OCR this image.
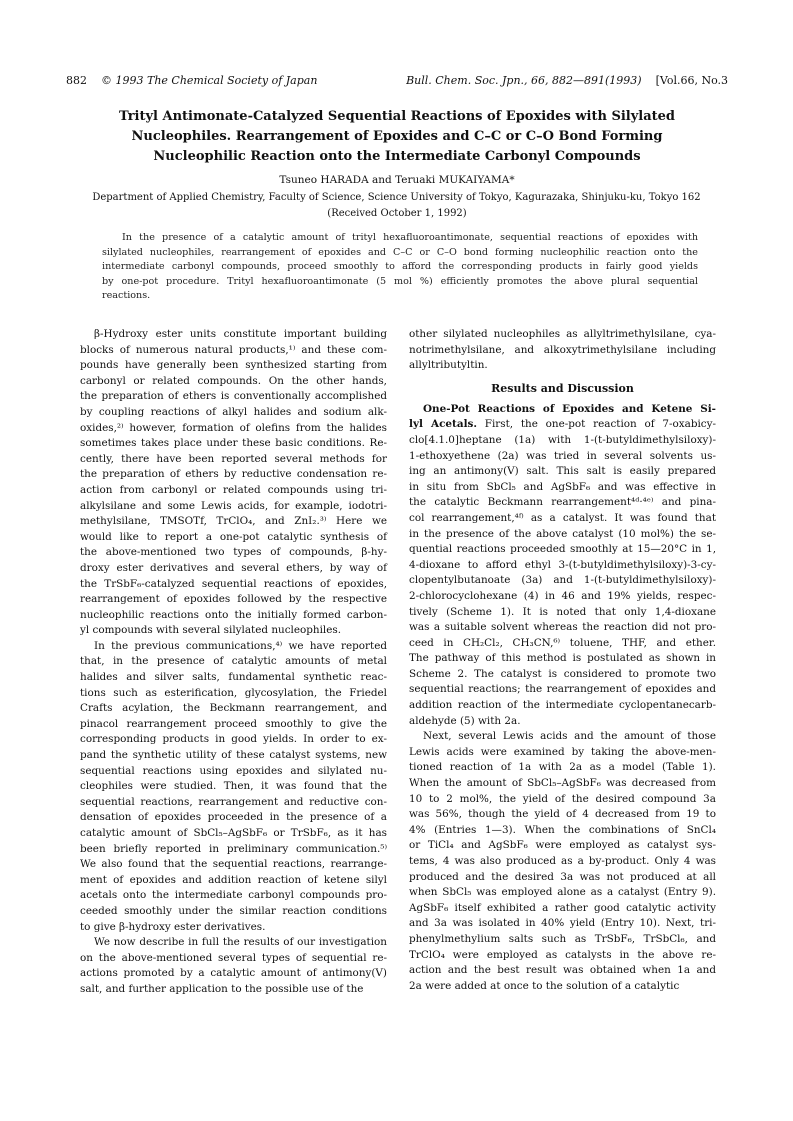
882 © 1993 The Chemical Society of Japan	Bull. Chem. Soc. Jpn., 66, 882—891(1993) [Vol.66, No.3
Trityl Antimonate-Catalyzed Sequential Reactions of Epoxides with Silylated
Nucleophiles. Rearrangement of Epoxides and C–C or C–O Bond Forming
Nucleophilic Reaction onto the Intermediate Carbonyl Compounds
Tsuneo HARADA and Teruaki MUKAIYAMA*
Department of Applied Chemistry, Faculty of Science, Science University of Tokyo, Kagurazaka, Shinjuku-ku, Tokyo 162
(Received October 1, 1992)
In the presence of a catalytic amount of trityl hexafluoroantimonate, sequential reactions of epoxides with
silylated nucleophiles, rearrangement of epoxides and C–C or C–O bond forming nucleophilic reaction onto the
intermediate carbonyl compounds, proceed smoothly to afford the corresponding products in fairly good yields
by one-pot procedure. Trityl hexafluoroantimonate (5 mol %) efficiently promotes the above plural sequential
reactions.
β-Hydroxy ester units constitute important building
blocks of numerous natural products,¹⁾ and these com-
pounds have generally been synthesized starting from
carbonyl or related compounds. On the other hands,
the preparation of ethers is conventionally accomplished
by coupling reactions of alkyl halides and sodium alk-
oxides,²⁾ however, formation of olefins from the halides
sometimes takes place under these basic conditions. Re-
cently, there have been reported several methods for
the preparation of ethers by reductive condensation re-
action from carbonyl or related compounds using tri-
alkylsilane and some Lewis acids, for example, iodotri-
methylsilane, TMSOTf, TrClO₄, and ZnI₂.³⁾ Here we
would like to report a one-pot catalytic synthesis of
the above-mentioned two types of compounds, β-hy-
droxy ester derivatives and several ethers, by way of
the TrSbF₆-catalyzed sequential reactions of epoxides,
rearrangement of epoxides followed by the respective
nucleophilic reactions onto the initially formed carbon-
yl compounds with several silylated nucleophiles.
In the previous communications,⁴⁾ we have reported
that, in the presence of catalytic amounts of metal
halides and silver salts, fundamental synthetic reac-
tions such as esterification, glycosylation, the Friedel
Crafts acylation, the Beckmann rearrangement, and
pinacol rearrangement proceed smoothly to give the
corresponding products in good yields. In order to ex-
pand the synthetic utility of these catalyst systems, new
sequential reactions using epoxides and silylated nu-
cleophiles were studied. Then, it was found that the
sequential reactions, rearrangement and reductive con-
densation of epoxides proceeded in the presence of a
catalytic amount of SbCl₅–AgSbF₆ or TrSbF₆, as it has
been briefly reported in preliminary communication.⁵⁾
We also found that the sequential reactions, rearrange-
ment of epoxides and addition reaction of ketene silyl
acetals onto the intermediate carbonyl compounds pro-
ceeded smoothly under the similar reaction conditions
to give β-hydroxy ester derivatives.
We now describe in full the results of our investigation
on the above-mentioned several types of sequential re-
actions promoted by a catalytic amount of antimony(V)
salt, and further application to the possible use of the
other silylated nucleophiles as allyltrimethylsilane, cya-
notrimethylsilane, and alkoxytrimethylsilane including
allyltributyltin.
Results and Discussion
One-Pot Reactions of Epoxides and Ketene Si-
lyl Acetals. First, the one-pot reaction of 7-oxabicy-
clo[4.1.0]heptane (1a) with 1-(t-butyldimethylsiloxy)-
1-ethoxyethene (2a) was tried in several solvents us-
ing an antimony(V) salt. This salt is easily prepared
in situ from SbCl₅ and AgSbF₆ and was effective in
the catalytic Beckmann rearrangement⁴ᵈ·⁴ᵉ⁾ and pina-
col rearrangement,⁴ᶠ⁾ as a catalyst. It was found that
in the presence of the above catalyst (10 mol%) the se-
quential reactions proceeded smoothly at 15—20°C in 1,
4-dioxane to afford ethyl 3-(t-butyldimethylsiloxy)-3-cy-
clopentylbutanoate (3a) and 1-(t-butyldimethylsiloxy)-
2-chlorocyclohexane (4) in 46 and 19% yields, respec-
tively (Scheme 1). It is noted that only 1,4-dioxane
was a suitable solvent whereas the reaction did not pro-
ceed in CH₂Cl₂, CH₃CN,⁶⁾ toluene, THF, and ether.
The pathway of this method is postulated as shown in
Scheme 2. The catalyst is considered to promote two
sequential reactions; the rearrangement of epoxides and
addition reaction of the intermediate cyclopentanecarb-
aldehyde (5) with 2a.
Next, several Lewis acids and the amount of those
Lewis acids were examined by taking the above-men-
tioned reaction of 1a with 2a as a model (Table 1).
When the amount of SbCl₅–AgSbF₆ was decreased from
10 to 2 mol%, the yield of the desired compound 3a
was 56%, though the yield of 4 decreased from 19 to
4% (Entries 1—3). When the combinations of SnCl₄
or TiCl₄ and AgSbF₆ were employed as catalyst sys-
tems, 4 was also produced as a by-product. Only 4 was
produced and the desired 3a was not produced at all
when SbCl₅ was employed alone as a catalyst (Entry 9).
AgSbF₆ itself exhibited a rather good catalytic activity
and 3a was isolated in 40% yield (Entry 10). Next, tri-
phenylmethylium salts such as TrSbF₆, TrSbCl₆, and
TrClO₄ were employed as catalysts in the above re-
action and the best result was obtained when 1a and
2a were added at once to the solution of a catalytic
